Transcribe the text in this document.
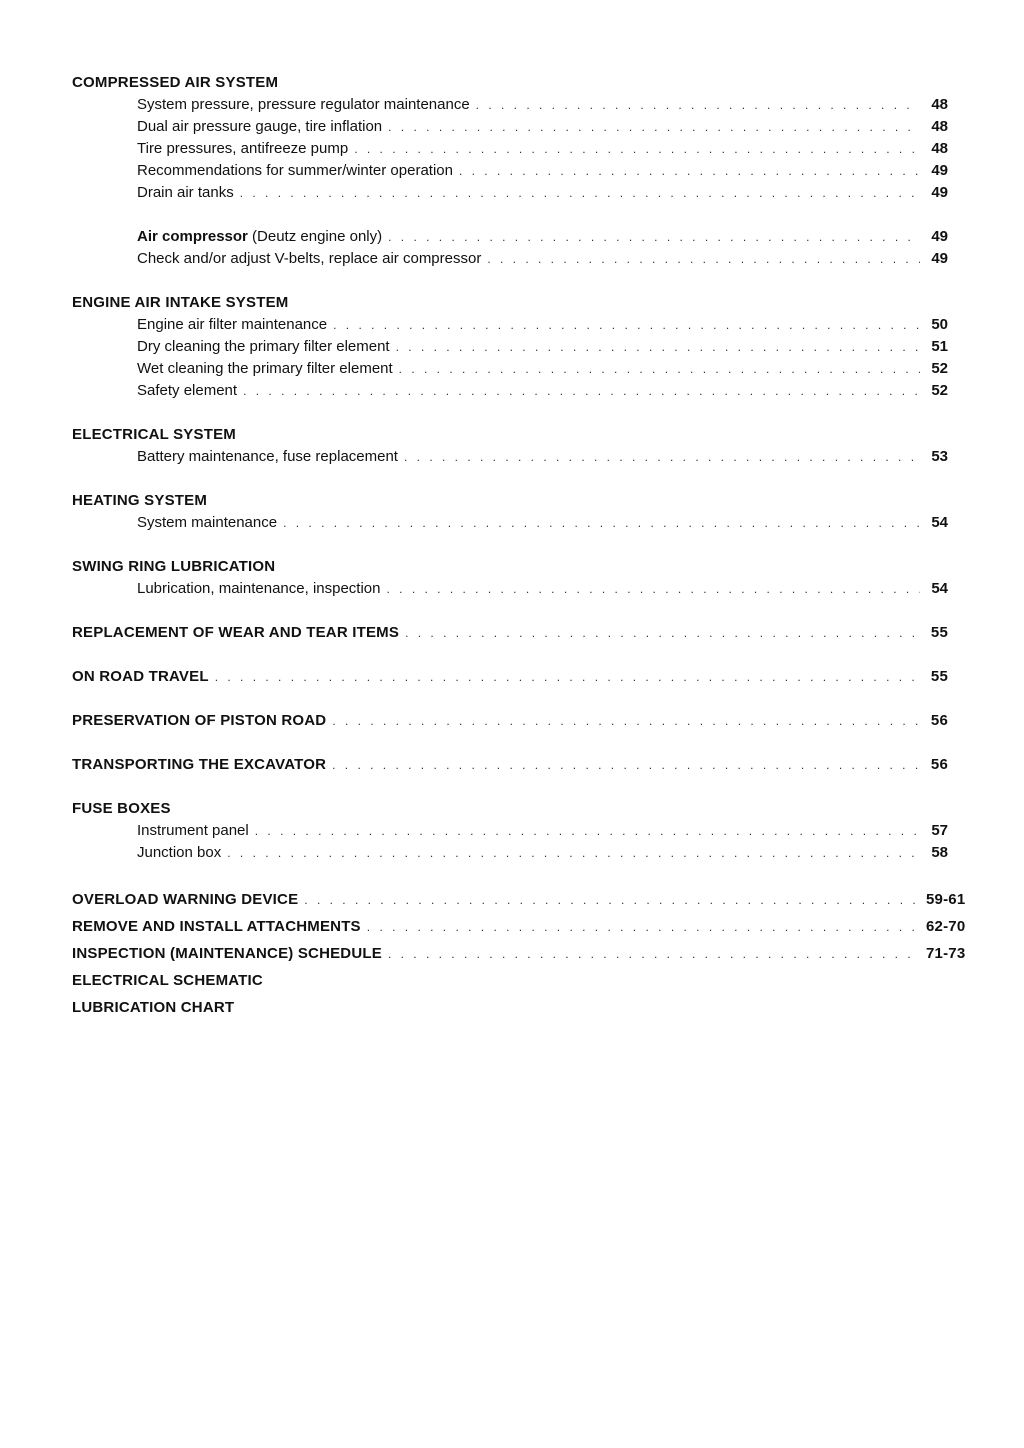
COMPRESSED AIR SYSTEM
System pressure, pressure regulator maintenance . . .	48
Dual air pressure gauge, tire inflation . . .	48
Tire pressures, antifreeze pump . . .	48
Recommendations for summer/winter operation . . .	49
Drain air tanks . . .	49
Air compressor (Deutz engine only) . . .	49
Check and/or adjust V-belts, replace air compressor . . .	49
ENGINE AIR INTAKE SYSTEM
Engine air filter maintenance . . .	50
Dry cleaning the primary filter element . . .	51
Wet cleaning the primary filter element . . .	52
Safety element . . .	52
ELECTRICAL SYSTEM
Battery maintenance, fuse replacement . . .	53
HEATING SYSTEM
System maintenance . . .	54
SWING RING LUBRICATION
Lubrication, maintenance, inspection . . .	54
REPLACEMENT OF WEAR AND TEAR ITEMS . . .	55
ON ROAD TRAVEL . . .	55
PRESERVATION OF PISTON ROAD . . .	56
TRANSPORTING THE EXCAVATOR . . .	56
FUSE BOXES
Instrument panel . . .	57
Junction box . . .	58
OVERLOAD WARNING DEVICE . . .	59-61
REMOVE AND INSTALL ATTACHMENTS . . .	62-70
INSPECTION (MAINTENANCE) SCHEDULE . . .	71-73
ELECTRICAL SCHEMATIC
LUBRICATION CHART
